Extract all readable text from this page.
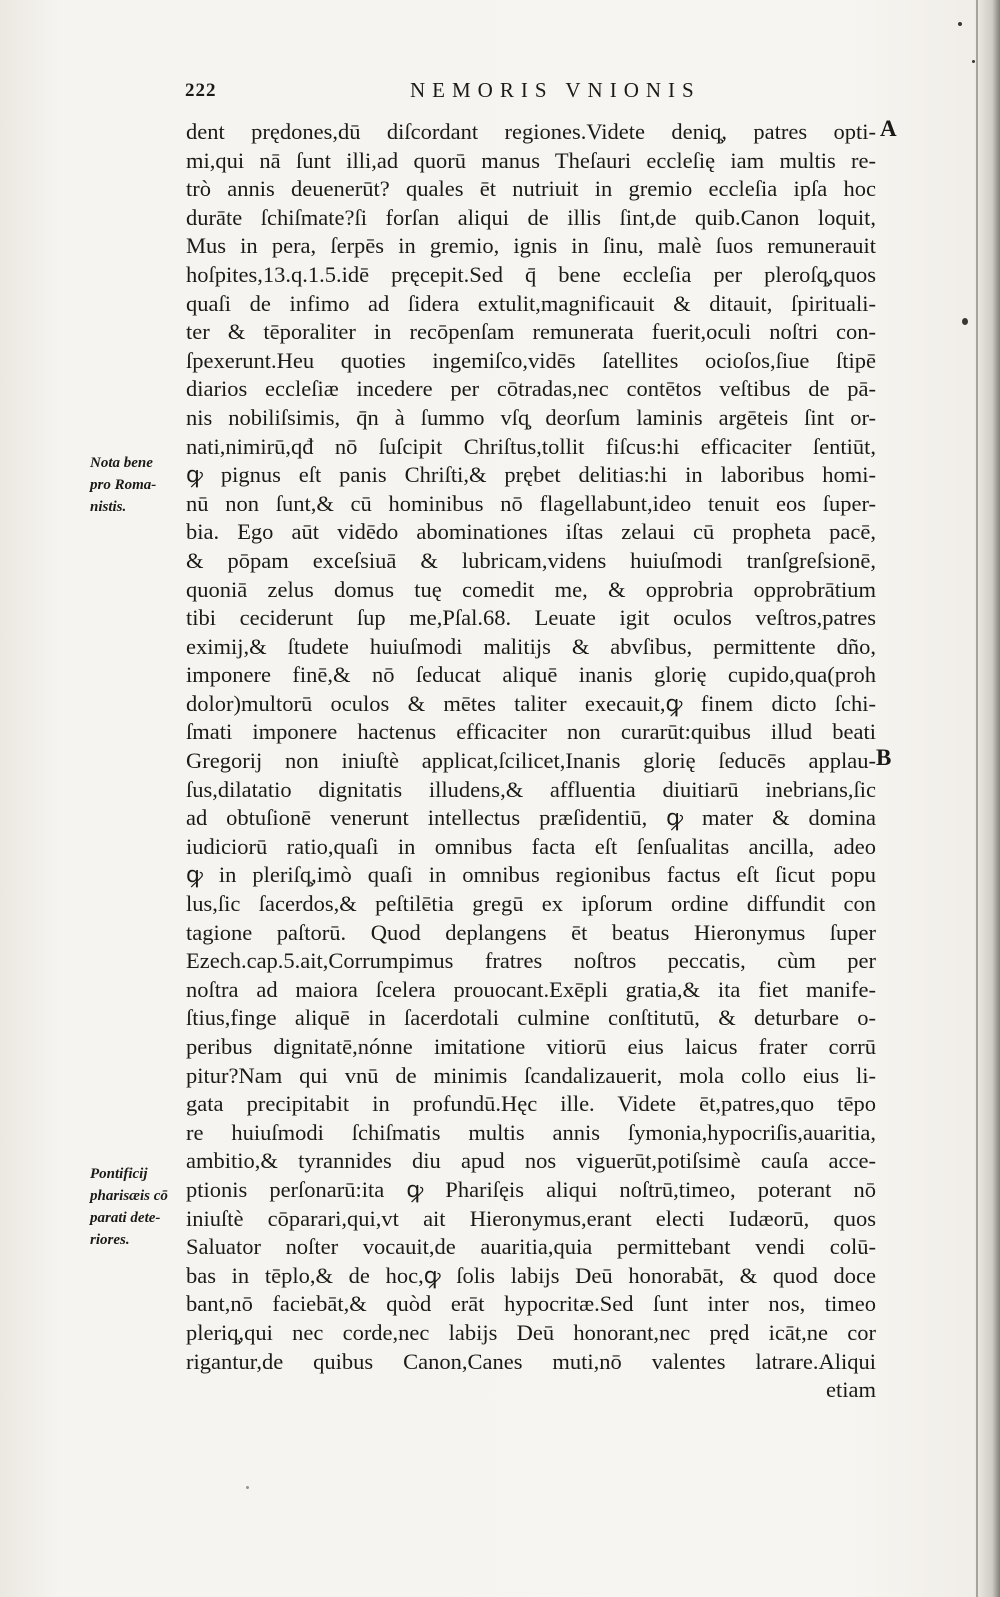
222	NEMORIS VNIONIS
A
B
Nota bene
pro Roma-
nistis.
Pontificij
pharisæis cō
parati dete-
riores.
dent prędones,dū diſcordant regiones.Videte deniq̧, patres opti-
mi,qui nā ſunt illi,ad quorū manus Theſauri eccleſię iam multis re-
trò annis deuenerūt? quales ēt nutriuit in gremio eccleſia ipſa hoc
durāte ſchiſmate?ſi forſan aliqui de illis ſint,de quib.Canon loquit,
Mus in pera, ſerpēs in gremio, ignis in ſinu, malè ſuos remunerauit
hoſpites,13.q.1.5.idē pręcepit.Sed q̄ bene eccleſia per pleroſq̧,quos
quaſi de infimo ad ſidera extulit,magnificauit & ditauit, ſpirituali-
ter & tēporaliter in recōpenſam remunerata fuerit,oculi noſtri con-
ſpexerunt.Heu quoties ingemiſco,vidēs ſatellites ocioſos,ſiue ſtipē
diarios eccleſiæ incedere per cōtradas,nec contētos veſtibus de pā-
nis nobiliſsimis, q̄n à ſummo vſq̧ deorſum laminis argēteis ſint or-
nati,nimirū,qđ nō ſuſcipit Chriſtus,tollit fiſcus:hi efficaciter ſentiūt,
ꝙ pignus eſt panis Chriſti,& prębet delitias:hi in laboribus homi-
nū non ſunt,& cū hominibus nō flagellabunt,ideo tenuit eos ſuper-
bia. Ego aūt vidēdo abominationes iſtas zelaui cū propheta pacē,
& pōpam exceſsiuā & lubricam,videns huiuſmodi tranſgreſsionē,
quoniā zelus domus tuę comedit me, & opprobria opprobrātium
tibi ceciderunt ſup me,Pſal.68. Leuate igit oculos veſtros,patres
eximij,& ſtudete huiuſmodi malitijs & abvſibus, permittente dño,
imponere finē,& nō ſeducat aliquē inanis glorię cupido,qua(proh
dolor)multorū oculos & mētes taliter execauit,ꝙ finem dicto ſchi-
ſmati imponere hactenus efficaciter non curarūt:quibus illud beati
Gregorij non iniuſtè applicat,ſcilicet,Inanis glorię ſeducēs applau-
ſus,dilatatio dignitatis illudens,& affluentia diuitiarū inebrians,ſic
ad obtuſionē venerunt intellectus præſidentiū, ꝙ mater & domina
iudiciorū ratio,quaſi in omnibus facta eſt ſenſualitas ancilla, adeo
ꝙ in pleriſq̧,imò quaſi in omnibus regionibus factus eſt ſicut popu
lus,ſic ſacerdos,& peſtilētia gregū ex ipſorum ordine diffundit con
tagione paſtorū. Quod deplangens ēt beatus Hieronymus ſuper
Ezech.cap.5.ait,Corrumpimus fratres noſtros peccatis, cùm per
noſtra ad maiora ſcelera prouocant.Exēpli gratia,& ita fiet manife-
ſtius,finge aliquē in ſacerdotali culmine conſtitutū, & deturbare o-
peribus dignitatē,nónne imitatione vitiorū eius laicus frater corrū
pitur?Nam qui vnū de minimis ſcandalizauerit, mola collo eius li-
gata precipitabit in profundū.Hęc ille. Videte ēt,patres,quo tēpo
re huiuſmodi ſchiſmatis multis annis ſymonia,hypocriſis,auaritia,
ambitio,& tyrannides diu apud nos viguerūt,potiſsimè cauſa acce-
ptionis perſonarū:ita ꝙ Phariſęis aliqui noſtrū,timeo, poterant nō
iniuſtè cōparari,qui,vt ait Hieronymus,erant electi Iudæorū, quos
Saluator noſter vocauit,de auaritia,quia permittebant vendi colū-
bas in tēplo,& de hoc,ꝙ ſolis labijs Deū honorabāt, & quod doce
bant,nō faciebāt,& quòd erāt hypocritæ.Sed ſunt inter nos, timeo
pleriq̧,qui nec corde,nec labijs Deū honorant,nec pręd icāt,ne cor
rigantur,de quibus Canon,Canes muti,nō valentes latrare.Aliqui
etiam
